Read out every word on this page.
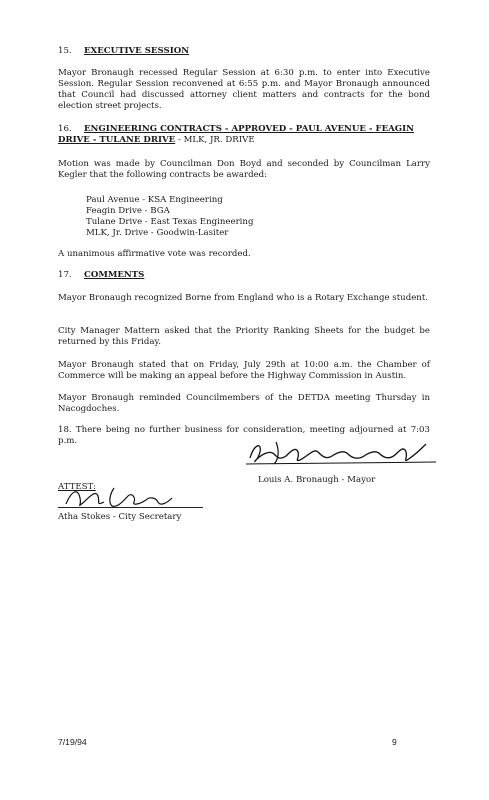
15. EXECUTIVE SESSION
Mayor Bronaugh recessed Regular Session at 6:30 p.m. to enter into Executive Session. Regular Session reconvened at 6:55 p.m. and Mayor Bronaugh announced that Council had discussed attorney client matters and contracts for the bond election street projects.
16. ENGINEERING CONTRACTS - APPROVED - PAUL AVENUE - FEAGIN DRIVE - TULANE DRIVE - MLK, JR. DRIVE
Motion was made by Councilman Don Boyd and seconded by Councilman Larry Kegler that the following contracts be awarded:
Paul Avenue - KSA Engineering
Feagin Drive - BGA
Tulane Drive - East Texas Engineering
MLK, Jr. Drive - Goodwin-Lasiter
A unanimous affirmative vote was recorded.
17. COMMENTS
Mayor Bronaugh recognized Borne from England who is a Rotary Exchange student.
City Manager Mattern asked that the Priority Ranking Sheets for the budget be returned by this Friday.
Mayor Bronaugh stated that on Friday, July 29th at 10:00 a.m. the Chamber of Commerce will be making an appeal before the Highway Commission in Austin.
Mayor Bronaugh reminded Councilmembers of the DETDA meeting Thursday in Nacogdoches.
18. There being no further business for consideration, meeting adjourned at 7:03 p.m.
Louis A. Bronaugh - Mayor
ATTEST:
Atha Stokes - City Secretary
7/19/94	9
